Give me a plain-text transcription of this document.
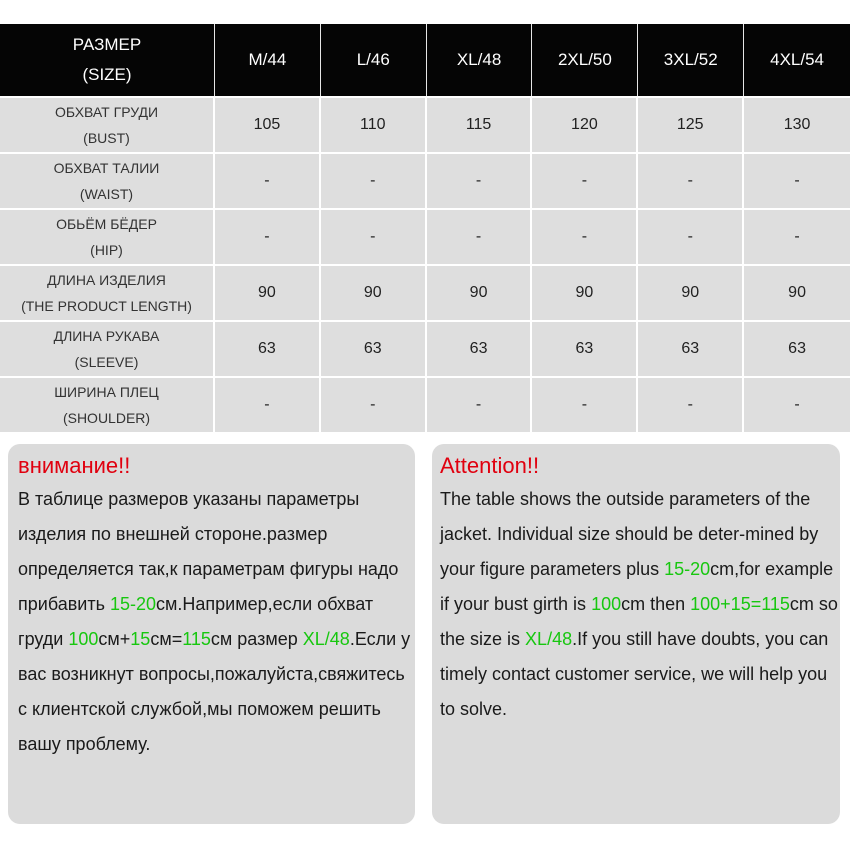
РАЗМЕР
(SIZE)	M/44	L/46	XL/48	2XL/50	3XL/52	4XL/54

ОБХВАТ ГРУДИ
(BUST)	105	110	115	120	125	130

ОБХВАТ ТАЛИИ
(WAIST)	-	-	-	-	-	-

ОБЬЁМ БЁДЕР
(HIP)	-	-	-	-	-	-

ДЛИНА ИЗДЕЛИЯ
(THE PRODUCT LENGTH)	90	90	90	90	90	90

ДЛИНА РУКАВА
(SLEEVE)	63	63	63	63	63	63

ШИРИНА ПЛЕЦ
(SHOULDER)	-	-	-	-	-	-
внимание!!
В таблице размеров указаны параметры изделия по внешней стороне.размер определяется так,к параметрам фигуры надо прибавить 15-20см.Например,если обхват груди 100см+15см=115см размер XL/48.Если у вас возникнут вопросы,пожалуйста,свяжитесь с клиентской службой,мы поможем решить вашу проблему.
Attention!!
The table shows the outside parameters of the jacket. Individual size should be deter-mined by your figure parameters plus 15-20cm,for example if your bust girth is 100cm then 100+15=115cm so the size is XL/48.If you still have doubts, you can timely contact customer service, we will help you to solve.
